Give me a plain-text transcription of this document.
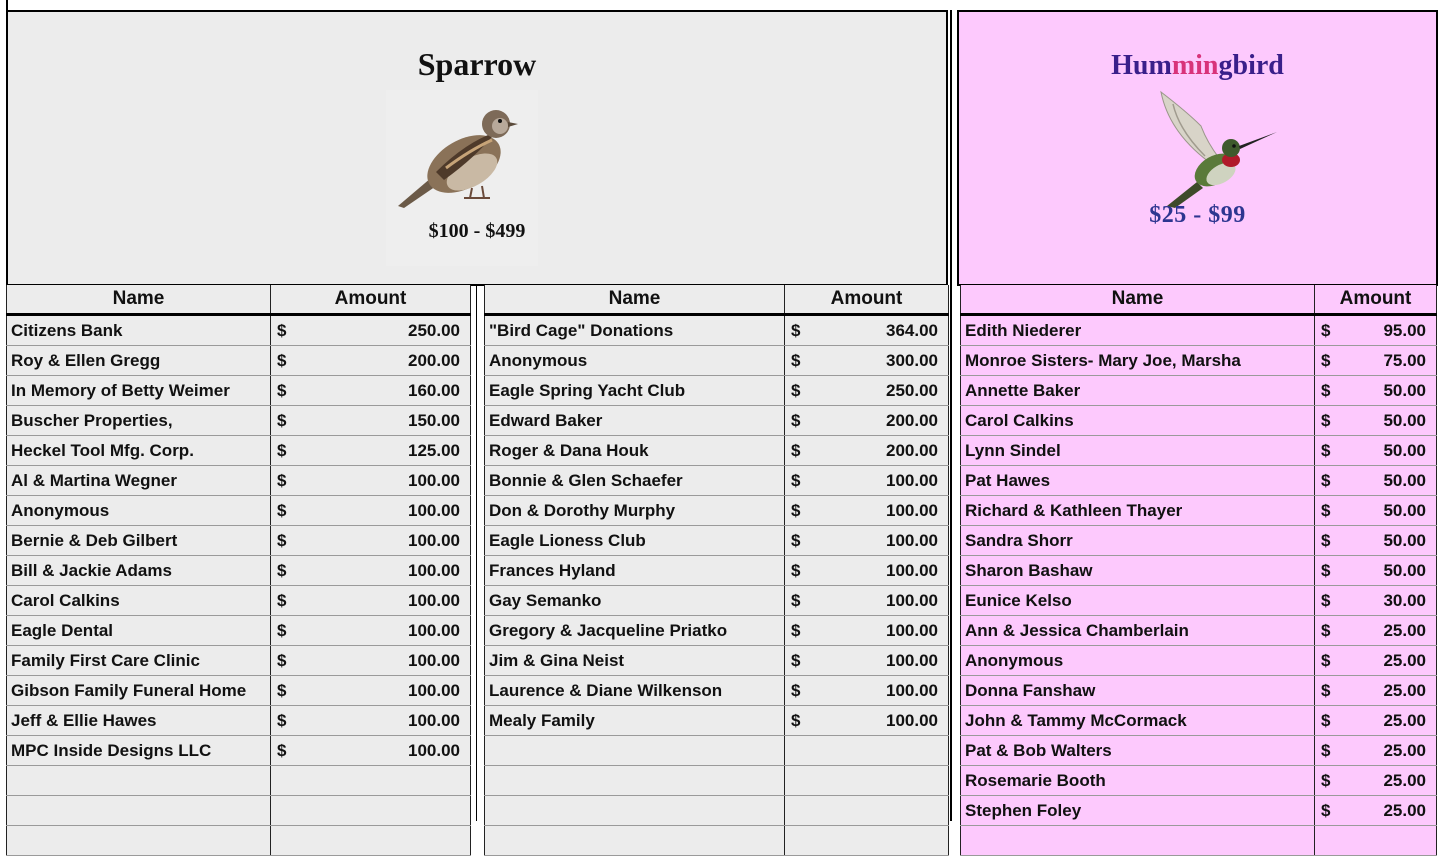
Sparrow
$100 - $499
Hummingbird
$25 - $99
Name	Amount
Citizens Bank	$ 250.00
Roy & Ellen Gregg	$ 200.00
In Memory of Betty Weimer	$ 160.00
Buscher Properties,	$ 150.00
Heckel Tool Mfg. Corp.	$ 125.00
Al & Martina Wegner	$ 100.00
Anonymous	$ 100.00
Bernie & Deb Gilbert	$ 100.00
Bill & Jackie Adams	$ 100.00
Carol Calkins	$ 100.00
Eagle Dental	$ 100.00
Family First Care Clinic	$ 100.00
Gibson Family Funeral Home	$ 100.00
Jeff & Ellie Hawes	$ 100.00
MPC Inside Designs LLC	$ 100.00

Name	Amount
"Bird Cage" Donations	$ 364.00
Anonymous	$ 300.00
Eagle Spring Yacht Club	$ 250.00
Edward Baker	$ 200.00
Roger & Dana Houk	$ 200.00
Bonnie & Glen Schaefer	$ 100.00
Don & Dorothy Murphy	$ 100.00
Eagle Lioness Club	$ 100.00
Frances Hyland	$ 100.00
Gay Semanko	$ 100.00
Gregory & Jacqueline Priatko	$ 100.00
Jim & Gina Neist	$ 100.00
Laurence & Diane Wilkenson	$ 100.00
Mealy Family	$ 100.00

Name	Amount
Edith Niederer	$ 95.00
Monroe Sisters- Mary Joe, Marsha	$ 75.00
Annette Baker	$ 50.00
Carol Calkins	$ 50.00
Lynn Sindel	$ 50.00
Pat Hawes	$ 50.00
Richard & Kathleen Thayer	$ 50.00
Sandra Shorr	$ 50.00
Sharon Bashaw	$ 50.00
Eunice Kelso	$ 30.00
Ann & Jessica Chamberlain	$ 25.00
Anonymous	$ 25.00
Donna Fanshaw	$ 25.00
John & Tammy McCormack	$ 25.00
Pat & Bob Walters	$ 25.00
Rosemarie Booth	$ 25.00
Stephen Foley	$ 25.00
